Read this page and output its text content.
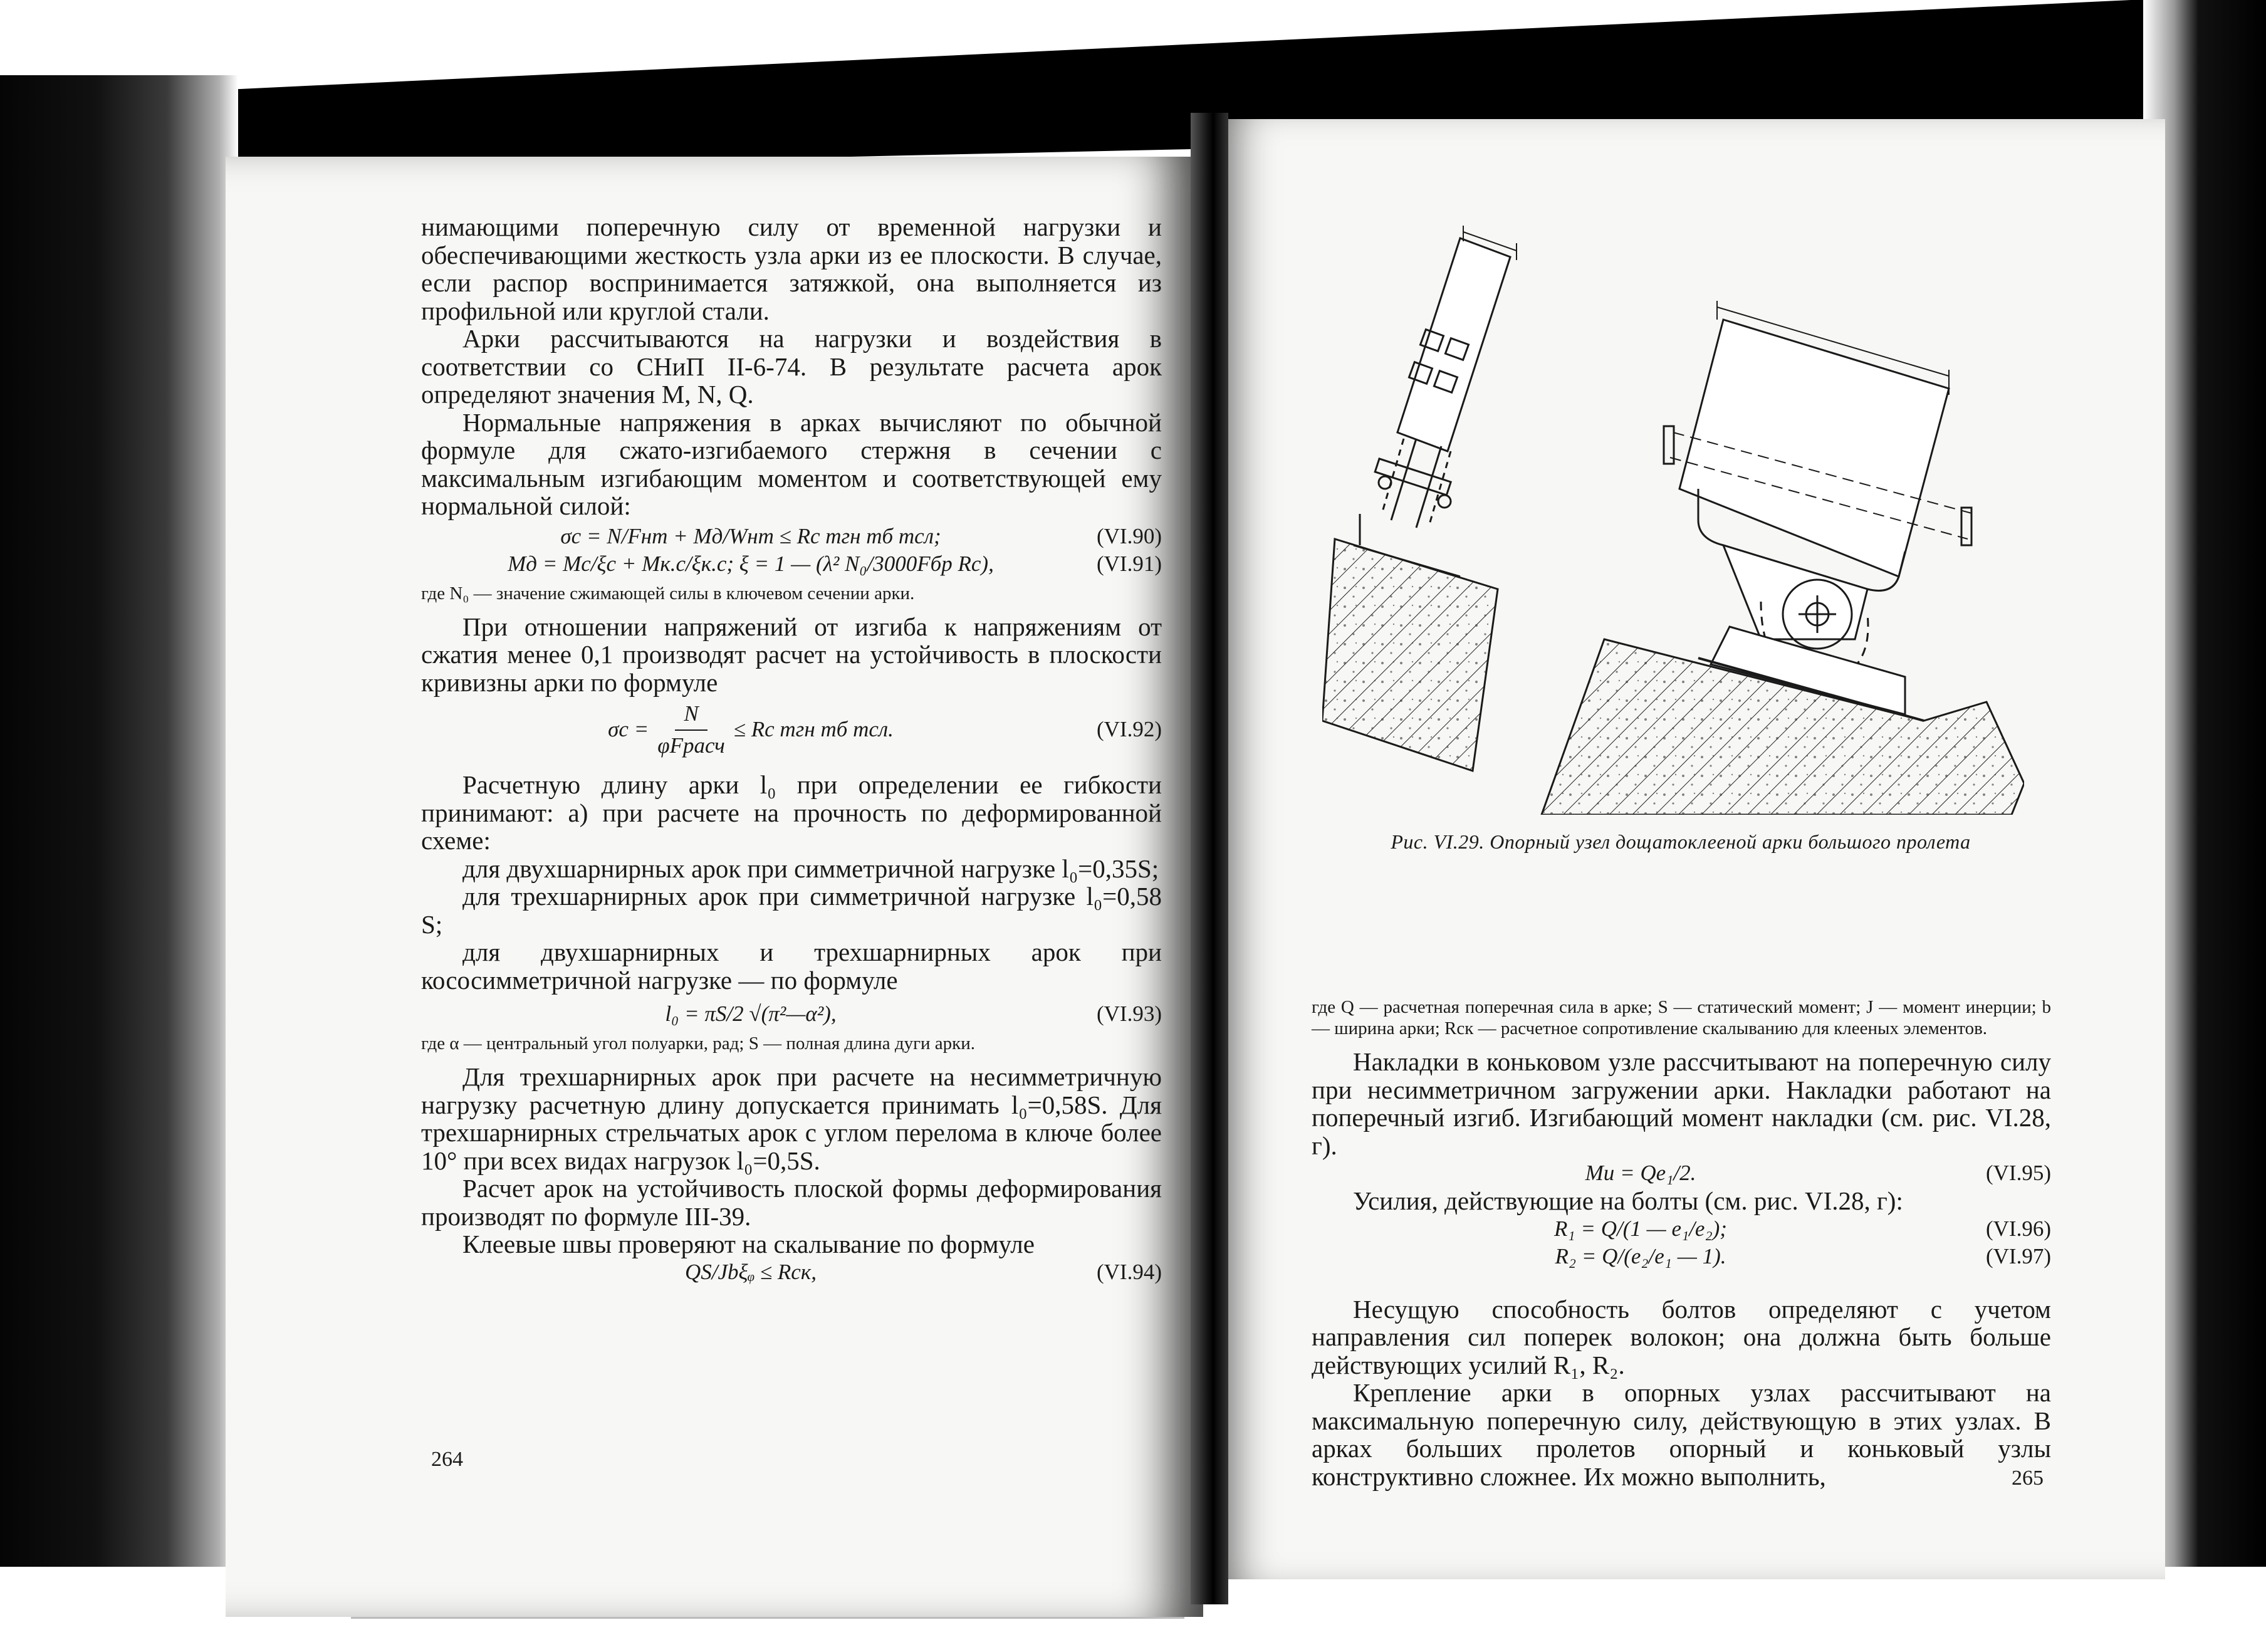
нимающими поперечную силу от временной нагрузки и обеспечивающими жесткость узла арки из ее плоскости. В случае, если распор воспринимается затяжкой, она выполняется из профильной или круглой стали.

Арки рассчитываются на нагрузки и воздействия в соответствии со СНиП II-6-74. В результате расчета арок определяют значения M, N, Q.

Нормальные напряжения в арках вычисляют по обычной формуле для сжато-изгибаемого стержня в сечении с максимальным изгибающим моментом и соответствующей ему нормальной силой:

σс = N/Fнт + Mд/Wнт ≤ Rс mгн mб mсл;	(VI.90)
Mд = Mс/ξс + Mк.с/ξк.с; ξ = 1 — (λ² N₀/3000Fбр Rс),	(VI.91)

где N₀ — значение сжимающей силы в ключевом сечении арки.

При отношении напряжений от изгиба к напряжениям от сжатия менее 0,1 производят расчет на устойчивость в плоскости кривизны арки по формуле

$\sigma с = \frac{N}{\text{φFрасч}}$ ≤ Rс mгн mб mсл.	(VI.92)

Расчетную длину арки l₀ при определении ее гибкости принимают: а) при расчете на прочность по деформированной схеме:

для двухшарнирных арок при симметричной нагрузке l₀=0,35S;

для трехшарнирных арок при симметричной нагрузке l₀=0,58 S;

для двухшарнирных и трехшарнирных арок при кососимметричной нагрузке — по формуле

l₀ = πS/2 √(π²—α²),	(VI.93)

где α — центральный угол полуарки, рад; S — полная длина дуги арки.

Для трехшарнирных арок при расчете на несимметричную нагрузку расчетную длину допускается принимать l₀=0,58S. Для трехшарнирных стрельчатых арок с углом перелома в ключе более 10° при всех видах нагрузок l₀=0,5S.

Расчет арок на устойчивость плоской формы деформирования производят по формуле III-39.

Клеевые швы проверяют на скалывание по формуле

QS/Jbξᵩ ≤ Rск,	(VI.94)
264
Рис. VI.29. Опорный узел дощатоклееной арки большого пролета

где Q — расчетная поперечная сила в арке; S — статический момент; J — момент инерции; b — ширина арки; Rск — расчетное сопротивление скалыванию для клееных элементов.

Накладки в коньковом узле рассчитывают на поперечную силу при несимметричном загружении арки. Накладки работают на поперечный изгиб. Изгибающий момент накладки (см. рис. VI.28, г).

Mи = Qe₁/2.	(VI.95)

Усилия, действующие на болты (см. рис. VI.28, г):

R₁ = Q/(1 — e₁/e₂);	(VI.96)
R₂ = Q/(e₂/e₁ — 1).	(VI.97)

Несущую способность болтов определяют с учетом направления сил поперек волокон; она должна быть больше действующих усилий R₁, R₂.

Крепление арки в опорных узлах рассчитывают на максимальную поперечную силу, действующую в этих узлах. В арках больших пролетов опорный и коньковый узлы конструктивно сложнее. Их можно выполнить,	265
